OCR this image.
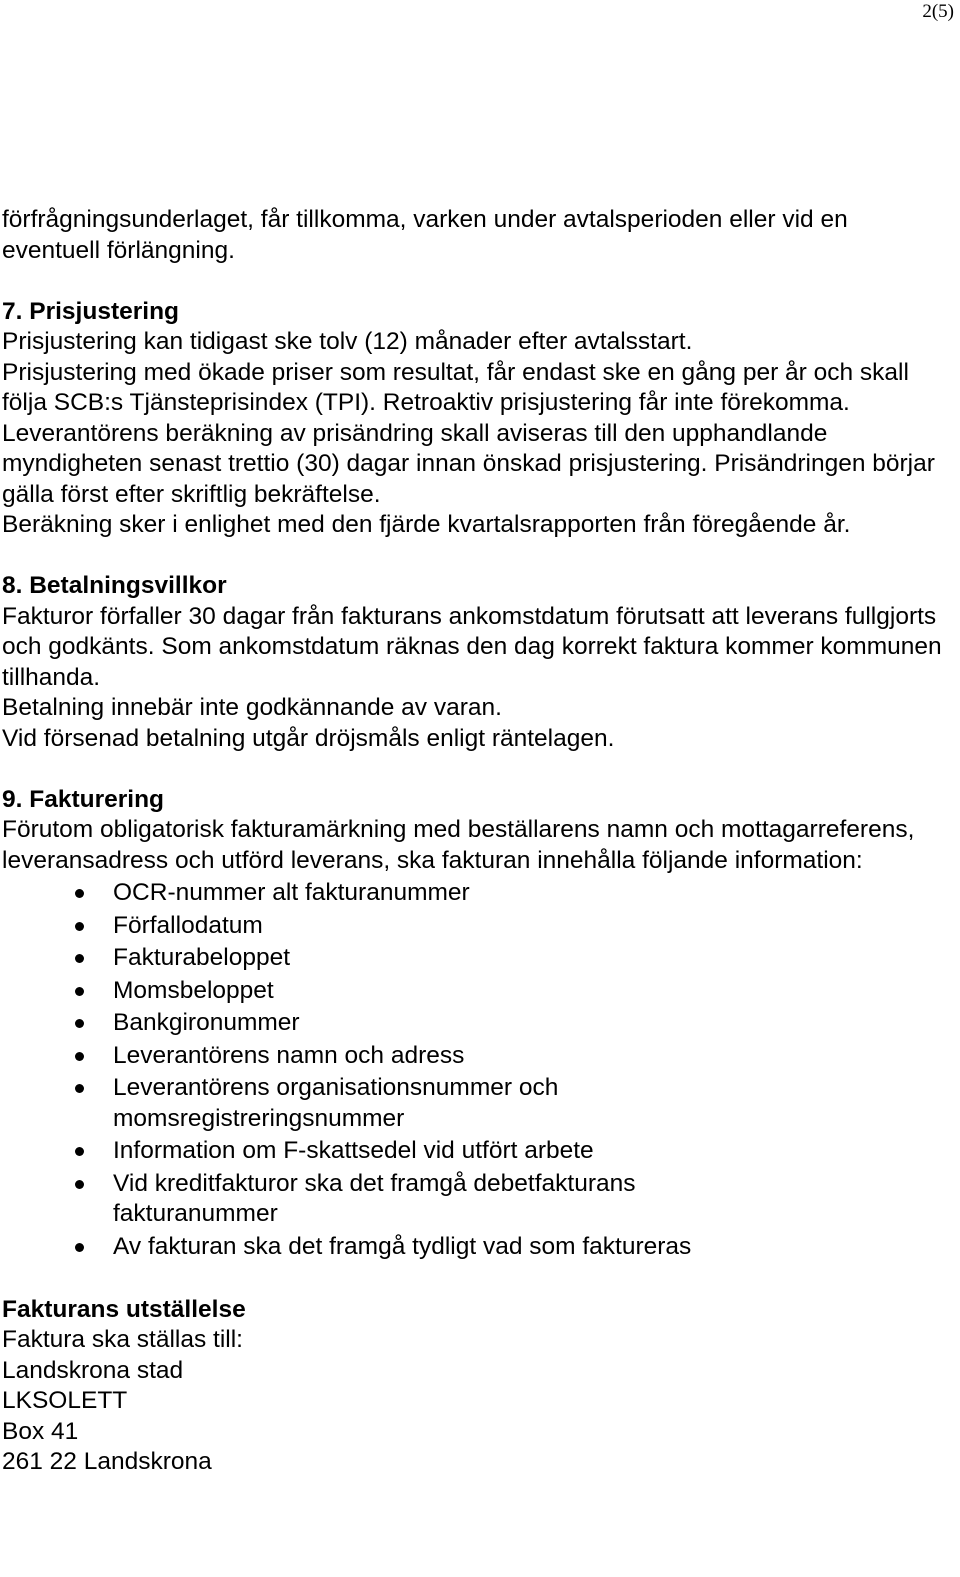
2(5)

förfrågningsunderlaget, får tillkomma, varken under avtalsperioden eller vid en eventuell förlängning.

7. Prisjustering

Prisjustering kan tidigast ske tolv (12) månader efter avtalsstart.

Prisjustering med ökade priser som resultat, får endast ske en gång per år och skall följa SCB:s Tjänsteprisindex (TPI). Retroaktiv prisjustering får inte förekomma.

Leverantörens beräkning av prisändring skall aviseras till den upphandlande myndigheten senast trettio (30) dagar innan önskad prisjustering. Prisändringen börjar gälla först efter skriftlig bekräftelse.

Beräkning sker i enlighet med den fjärde kvartalsrapporten från föregående år.

8. Betalningsvillkor

Fakturor förfaller 30 dagar från fakturans ankomstdatum förutsatt att leverans fullgjorts och godkänts. Som ankomstdatum räknas den dag korrekt faktura kommer kommunen tillhanda.

Betalning innebär inte godkännande av varan.

Vid försenad betalning utgår dröjsmåls enligt räntelagen.

9. Fakturering

Förutom obligatorisk fakturamärkning med beställarens namn och mottagarreferens, leveransadress och utförd leverans, ska fakturan innehålla följande information:

OCR-nummer alt fakturanummer
Förfallodatum
Fakturabeloppet
Momsbeloppet
Bankgironummer
Leverantörens namn och adress
Leverantörens organisationsnummer och momsregistreringsnummer
Information om F-skattsedel vid utfört arbete
Vid kreditfakturor ska det framgå debetfakturans fakturanummer
Av fakturan ska det framgå tydligt vad som faktureras
Fakturans utställelse

Faktura ska ställas till:

Landskrona stad

LKSOLETT

Box 41

261 22 Landskrona
